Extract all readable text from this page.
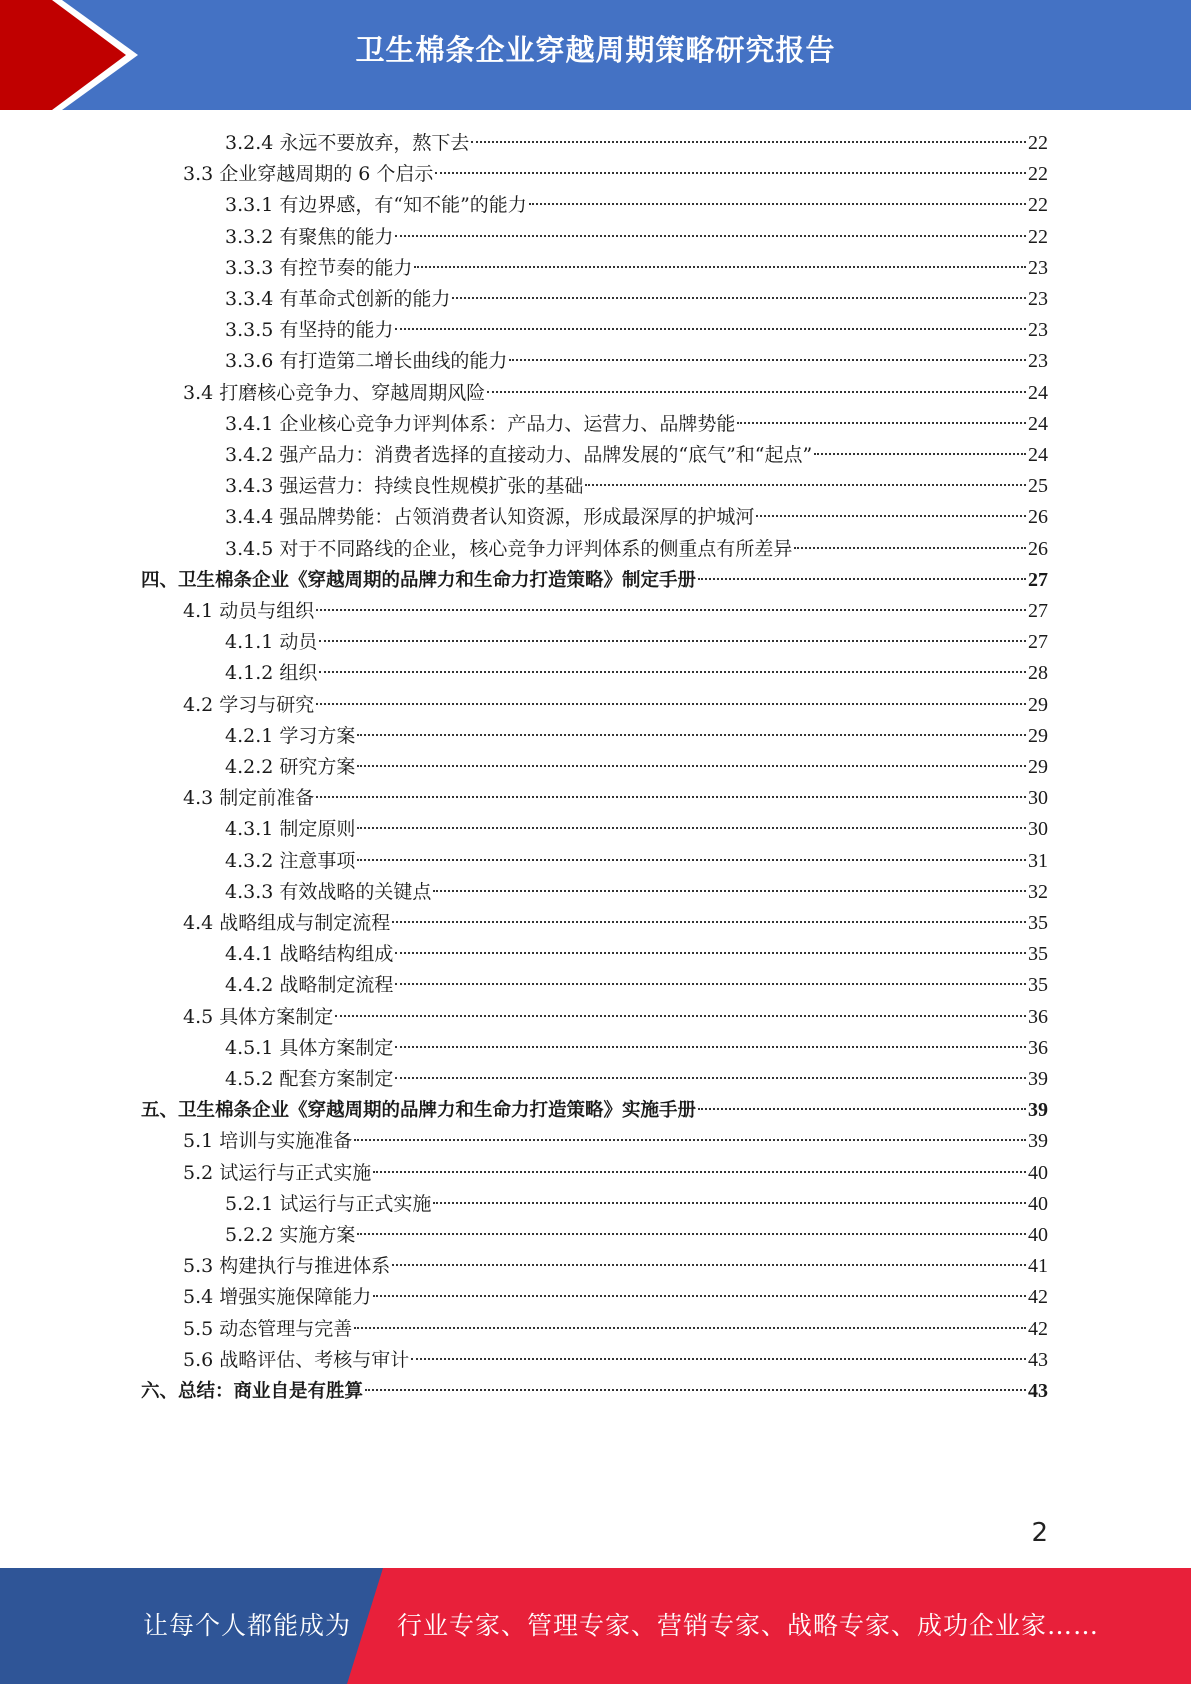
卫生棉条企业穿越周期策略研究报告
3.2.4 永远不要放弃，熬下去	22
3.3 企业穿越周期的 6 个启示	22
3.3.1 有边界感，有“知不能”的能力	22
3.3.2 有聚焦的能力	22
3.3.3 有控节奏的能力	23
3.3.4 有革命式创新的能力	23
3.3.5 有坚持的能力	23
3.3.6 有打造第二增长曲线的能力	23
3.4 打磨核心竞争力、穿越周期风险	24
3.4.1 企业核心竞争力评判体系：产品力、运营力、品牌势能	24
3.4.2 强产品力：消费者选择的直接动力、品牌发展的“底气”和“起点”	24
3.4.3 强运营力：持续良性规模扩张的基础	25
3.4.4 强品牌势能：占领消费者认知资源，形成最深厚的护城河	26
3.4.5 对于不同路线的企业，核心竞争力评判体系的侧重点有所差异	26
四、卫生棉条企业《穿越周期的品牌力和生命力打造策略》制定手册	27
4.1 动员与组织	27
4.1.1 动员	27
4.1.2 组织	28
4.2 学习与研究	29
4.2.1 学习方案	29
4.2.2 研究方案	29
4.3 制定前准备	30
4.3.1 制定原则	30
4.3.2 注意事项	31
4.3.3 有效战略的关键点	32
4.4 战略组成与制定流程	35
4.4.1 战略结构组成	35
4.4.2 战略制定流程	35
4.5 具体方案制定	36
4.5.1 具体方案制定	36
4.5.2 配套方案制定	39
五、卫生棉条企业《穿越周期的品牌力和生命力打造策略》实施手册	39
5.1 培训与实施准备	39
5.2 试运行与正式实施	40
5.2.1 试运行与正式实施	40
5.2.2 实施方案	40
5.3 构建执行与推进体系	41
5.4 增强实施保障能力	42
5.5 动态管理与完善	42
5.6 战略评估、考核与审计	43
六、总结：商业自是有胜算	43
2
让每个人都能成为 行业专家、管理专家、营销专家、战略专家、成功企业家……
